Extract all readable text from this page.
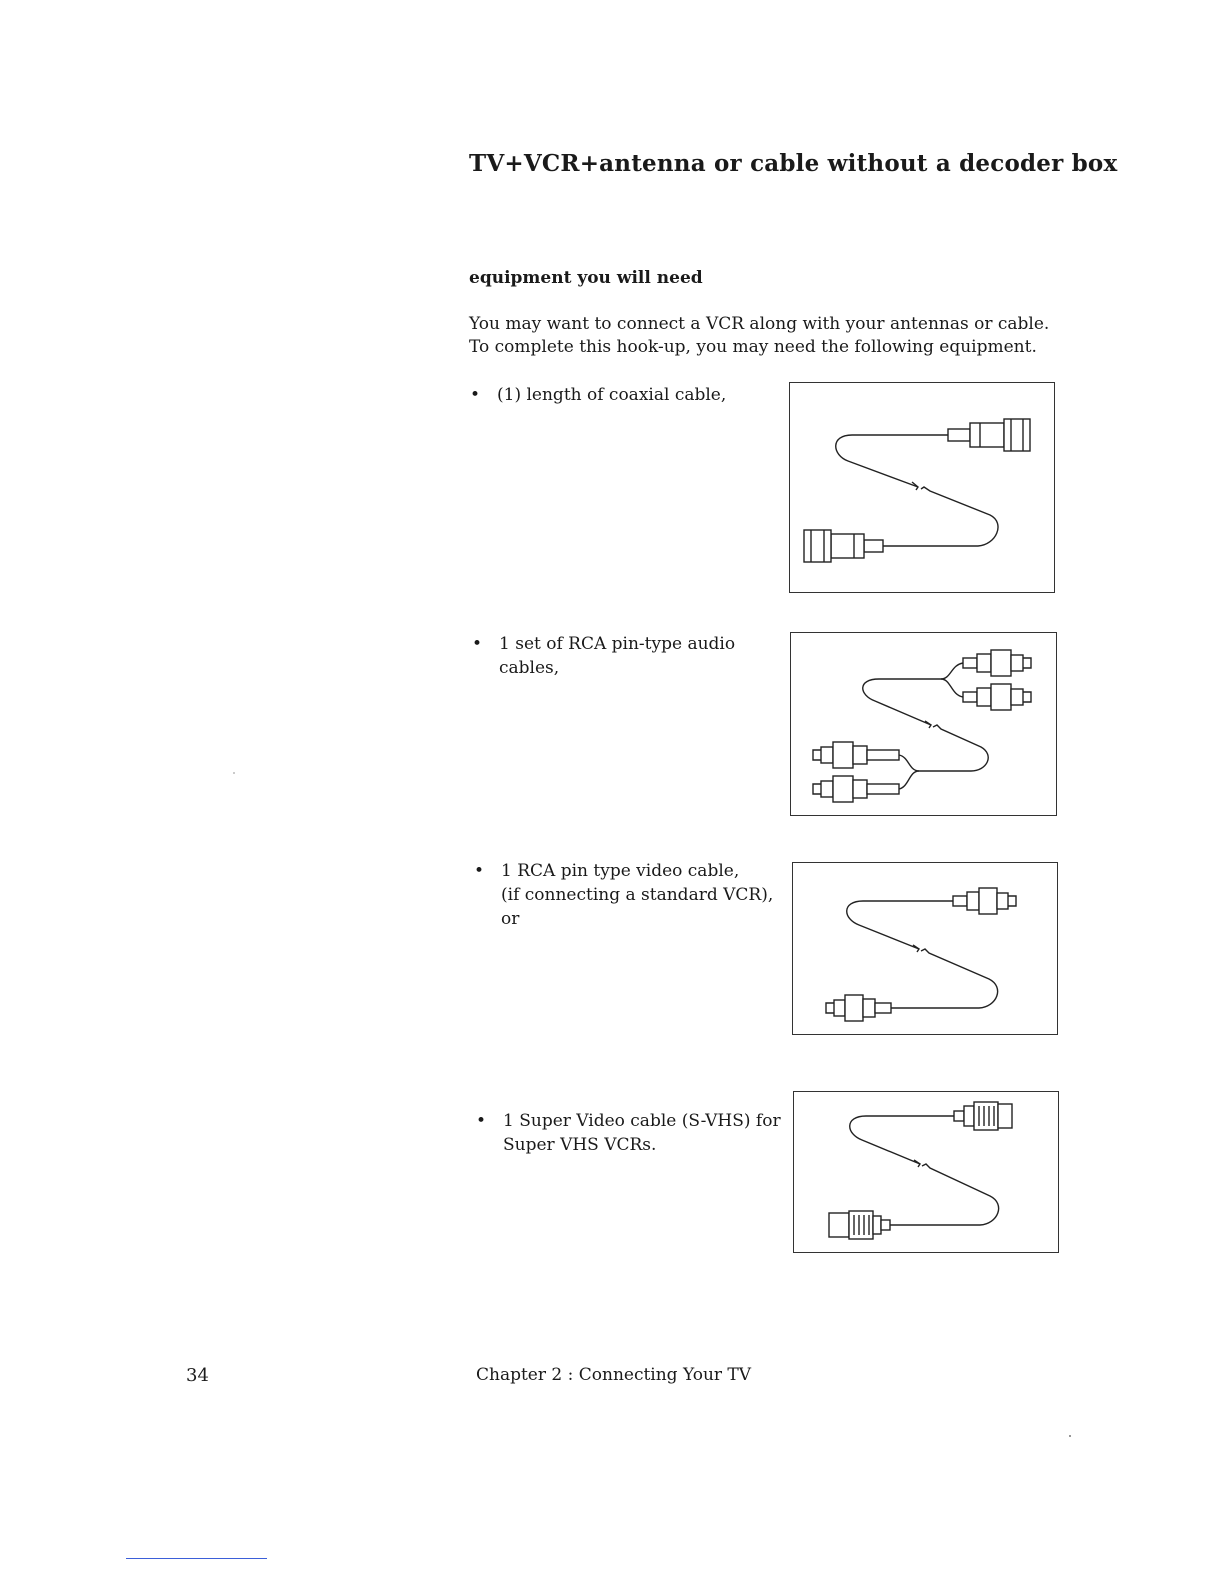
TV+VCR+antenna or cable without a decoder box
equipment you will need
You may want to connect a VCR along with your antennas or cable.
To complete this hook-up, you may need the following equipment.
• (1) length of coaxial cable,
• 1 set of RCA pin-type audio
cables,
• 1 RCA pin type video cable,
(if connecting a standard VCR),
or
• 1 Super Video cable (S-VHS) for
Super VHS VCRs.
34	Chapter 2 : Connecting Your TV
